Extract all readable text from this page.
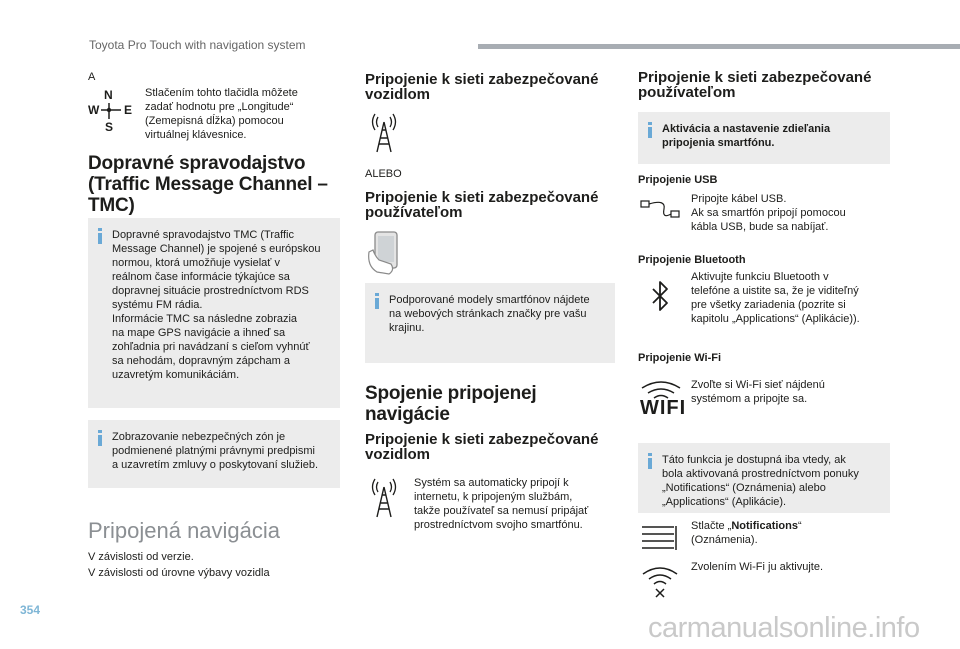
Toyota Pro Touch with navigation system
A
N
W E
S
Stlačením tohto tlačidla môžete
zadať hodnotu pre „Longitude“
(Zemepisná dĺžka) pomocou
virtuálnej klávesnice.
Dopravné spravodajstvo
(Traffic Message Channel –
TMC)
Dopravné spravodajstvo TMC (Traffic
Message Channel) je spojené s európskou
normou, ktorá umožňuje vysielať v
reálnom čase informácie týkajúce sa
dopravnej situácie prostredníctvom RDS
systému FM rádia.
Informácie TMC sa následne zobrazia
na mape GPS navigácie a ihneď sa
zohľadnia pri navádzaní s cieľom vyhnúť
sa nehodám, dopravným zápcham a
uzavretým komunikáciám.
Zobrazovanie nebezpečných zón je
podmienené platnými právnymi predpismi
a uzavretím zmluvy o poskytovaní služieb.
Pripojená navigácia
V závislosti od verzie.
V závislosti od úrovne výbavy vozidla
Pripojenie k sieti zabezpečované
vozidlom
ALEBO
Pripojenie k sieti zabezpečované
používateľom
Podporované modely smartfónov nájdete
na webových stránkach značky pre vašu
krajinu.
Spojenie pripojenej
navigácie
Pripojenie k sieti zabezpečované
vozidlom
Systém sa automaticky pripojí k
internetu, k pripojeným službám,
takže používateľ sa nemusí pripájať
prostredníctvom svojho smartfónu.
Pripojenie k sieti zabezpečované
používateľom
Aktivácia a nastavenie zdieľania
pripojenia smartfónu.
Pripojenie USB
Pripojte kábel USB.
Ak sa smartfón pripojí pomocou
kábla USB, bude sa nabíjať.
Pripojenie Bluetooth
Aktivujte funkciu Bluetooth v
telefóne a uistite sa, že je viditeľný
pre všetky zariadenia (pozrite si
kapitolu „Applications“ (Aplikácie)).
Pripojenie Wi-Fi
WIFI
Zvoľte si Wi-Fi sieť nájdenú
systémom a pripojte sa.
Táto funkcia je dostupná iba vtedy, ak
bola aktivovaná prostredníctvom ponuky
„Notifications“ (Oznámenia) alebo
„Applications“ (Aplikácie).
Stlačte „Notifications“
(Oznámenia).
Zvolením Wi-Fi ju aktivujte.
354
carmanualsonline.info
